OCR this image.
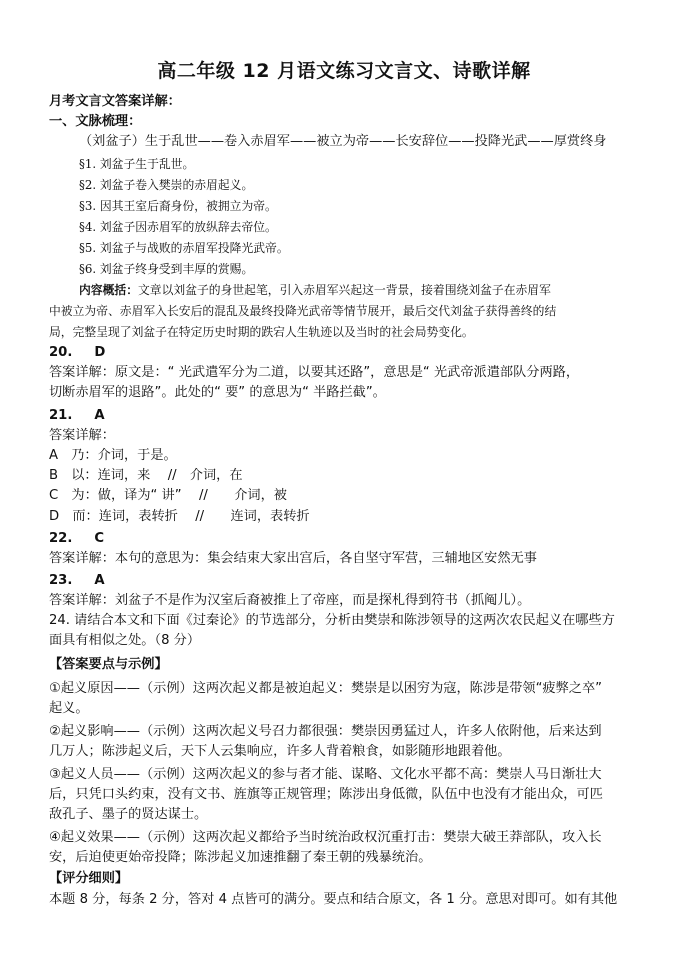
高二年级 12 月语文练习文言文、诗歌详解
月考文言文答案详解：
一、文脉梳理：
（刘盆子）生于乱世——卷入赤眉军——被立为帝——长安辞位——投降光武——厚赏终身
§1. 刘盆子生于乱世。
§2. 刘盆子卷入樊崇的赤眉起义。
§3. 因其王室后裔身份，被拥立为帝。
§4. 刘盆子因赤眉军的放纵辞去帝位。
§5. 刘盆子与战败的赤眉军投降光武帝。
§6. 刘盆子终身受到丰厚的赏赐。
内容概括：文章以刘盆子的身世起笔，引入赤眉军兴起这一背景，接着围绕刘盆子在赤眉军
中被立为帝、赤眉军入长安后的混乱及最终投降光武帝等情节展开，最后交代刘盆子获得善终的结
局，完整呈现了刘盆子在特定历史时期的跌宕人生轨迹以及当时的社会局势变化。
20. D
答案详解：原文是：“ 光武遣军分为二道，以要其还路”，意思是“ 光武帝派遣部队分两路，
切断赤眉军的退路”。此处的“ 要” 的意思为“ 半路拦截”。
21. A
答案详解：
A　乃：介词，于是。
B　以：连词，来　 //　介词，在
C　为：做，译为“ 讲”　 //　　介词，被
D　而：连词，表转折　 //　　连词，表转折
22. C
答案详解：本句的意思为：集会结束大家出宫后，各自坚守军营，三辅地区安然无事
23. A
答案详解：刘盆子不是作为汉室后裔被推上了帝座，而是探札得到符书（抓阄儿）。
24. 请结合本文和下面《过秦论》的节选部分，分析由樊崇和陈涉领导的这两次农民起义在哪些方
面具有相似之处。（8 分）
【答案要点与示例】
①起义原因——（示例）这两次起义都是被迫起义：樊崇是以困穷为寇，陈涉是带领“疲弊之卒”
起义。
②起义影响——（示例）这两次起义号召力都很强：樊崇因勇猛过人，许多人依附他，后来达到
几万人；陈涉起义后，天下人云集响应，许多人背着粮食，如影随形地跟着他。
③起义人员——（示例）这两次起义的参与者才能、谋略、文化水平都不高：樊崇人马日渐壮大
后，只凭口头约束，没有文书、旌旗等正规管理；陈涉出身低微，队伍中也没有才能出众，可匹
敌孔子、墨子的贤达谋士。
④起义效果——（示例）这两次起义都给予当时统治政权沉重打击：樊崇大破王莽部队，攻入长
安，后迫使更始帝投降；陈涉起义加速推翻了秦王朝的残暴统治。
【评分细则】
本题 8 分，每条 2 分，答对 4 点皆可的满分。要点和结合原文，各 1 分。意思对即可。如有其他
